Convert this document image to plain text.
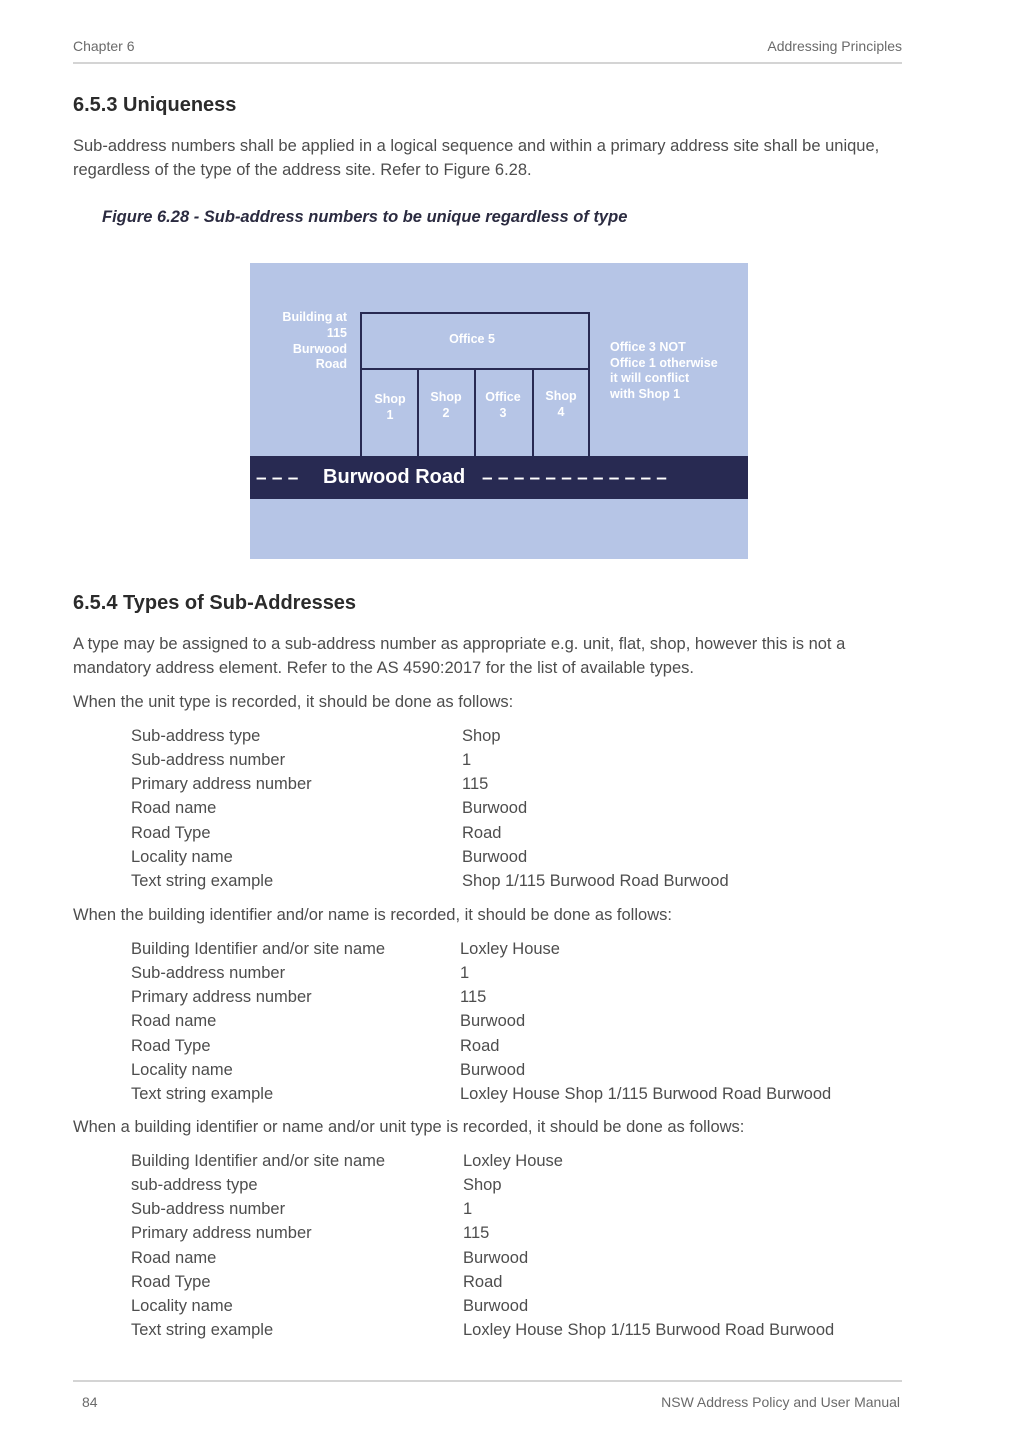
Chapter 6	Addressing Principles
6.5.3 Uniqueness

Sub-address numbers shall be applied in a logical sequence and within a primary address site shall be unique, regardless of the type of the address site. Refer to Figure 6.28.

Figure 6.28 - Sub-address numbers to be unique regardless of type

Building at
115
Burwood
Road
Office 5
Shop
1
Shop
2
Office
3
Shop
4
Office 3 NOT
Office 1 otherwise
it will conflict
with Shop 1
– – – Burwood Road – – – – – – – – – – – –
6.5.4 Types of Sub-Addresses

A type may be assigned to a sub-address number as appropriate e.g. unit, flat, shop, however this is not a mandatory address element. Refer to the AS 4590:2017 for the list of available types.

When the unit type is recorded, it should be done as follows:

Sub-address type	Shop
Sub-address number	1
Primary address number	115
Road name	Burwood
Road Type	Road
Locality name	Burwood
Text string example	Shop 1/115 Burwood Road Burwood

When the building identifier and/or name is recorded, it should be done as follows:

Building Identifier and/or site name	Loxley House
Sub-address number	1
Primary address number	115
Road name	Burwood
Road Type	Road
Locality name	Burwood
Text string example	Loxley House Shop 1/115 Burwood Road Burwood

When a building identifier or name and/or unit type is recorded, it should be done as follows:

Building Identifier and/or site name	Loxley House
sub-address type	Shop
Sub-address number	1
Primary address number	115
Road name	Burwood
Road Type	Road
Locality name	Burwood
Text string example	Loxley House Shop 1/115 Burwood Road Burwood
84	NSW Address Policy and User Manual
